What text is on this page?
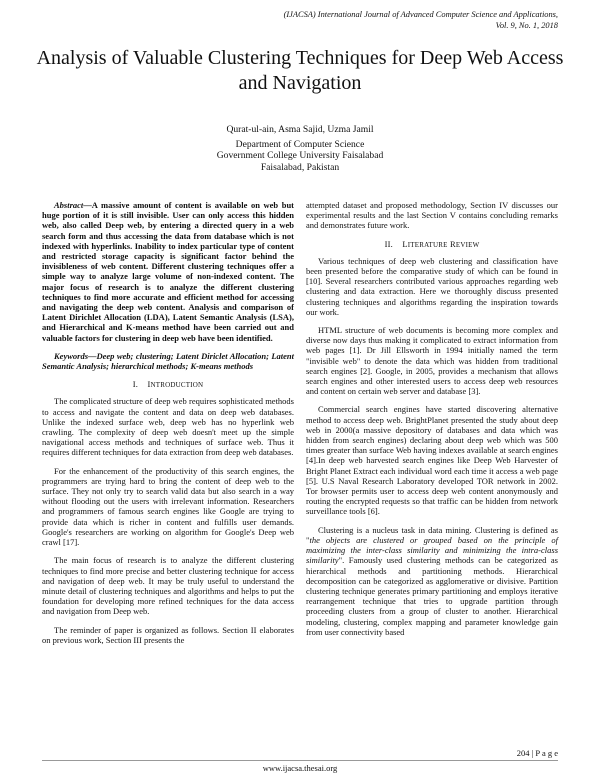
(IJACSA) International Journal of Advanced Computer Science and Applications,
Vol. 9, No. 1, 2018
Analysis of Valuable Clustering Techniques for Deep Web Access and Navigation
Qurat-ul-ain, Asma Sajid, Uzma Jamil
Department of Computer Science
Government College University Faisalabad
Faisalabad, Pakistan

Abstract—A massive amount of content is available on web but huge portion of it is still invisible. User can only access this hidden web, also called Deep web, by entering a directed query in a web search form and thus accessing the data from database which is not indexed with hyperlinks. Inability to index particular type of content and restricted storage capacity is significant factor behind the invisibleness of web content. Different clustering techniques offer a simple way to analyze large volume of non-indexed content. The major focus of research is to analyze the different clustering techniques to find more accurate and efficient method for accessing and navigating the deep web content. Analysis and comparison of Latent Dirichlet Allocation (LDA), Latent Semantic Analysis (LSA), and Hierarchical and K-means method have been carried out and valuable factors for clustering in deep web have been identified.

Keywords—Deep web; clustering; Latent Diriclet Allocation; Latent Semantic Analysis; hierarchical methods; K-means methods

I. INTRODUCTION

The complicated structure of deep web requires sophisticated methods to access and navigate the content and data on deep web databases. Unlike the indexed surface web, deep web has no hyperlink web crawling. The complexity of deep web doesn't meet up the simple navigational access methods and techniques of surface web. Thus it requires different techniques for data extraction from deep web databases.

For the enhancement of the productivity of this search engines, the programmers are trying hard to bring the content of deep web to the surface. They not only try to search valid data but also search in a way without flooding out the users with irrelevant information. Researchers and programmers of famous search engines like Google are trying to provide data which is richer in content and fulfills user demands. Google's researchers are working on algorithm for Google's Deep web crawl [17].

The main focus of research is to analyze the different clustering techniques to find more precise and better clustering technique for access and navigation of deep web. It may be truly useful to understand the minute detail of clustering techniques and algorithms and helps to put the foundation for developing more refined techniques for the data access and navigation from Deep web.

The reminder of paper is organized as follows. Section II elaborates on previous work, Section III presents the

attempted dataset and proposed methodology, Section IV discusses our experimental results and the last Section V contains concluding remarks and demonstrates future work.

II. LITERATURE REVIEW

Various techniques of deep web clustering and classification have been presented before the comparative study of which can be found in [10]. Several researchers contributed various approaches regarding web clustering and data extraction. Here we thoroughly discuss presented clustering techniques and algorithms regarding the inspiration towards our work.

HTML structure of web documents is becoming more complex and diverse now days thus making it complicated to extract information from web pages [1]. Dr Jill Ellsworth in 1994 initially named the term "invisible web" to denote the data which was hidden from traditional search engines [2]. Google, in 2005, provides a mechanism that allows search engines and other interested users to access deep web resources and content on certain web server and database [3].

Commercial search engines have started discovering alternative method to access deep web. BrightPlanet presented the study about deep web in 2000(a massive depository of databases and data which was hidden from search engines) declaring about deep web which was 500 times greater than surface Web having indexes available at search engines [4].In deep web harvested search engines like Deep Web Harvester of Bright Planet Extract each individual word each time it access a web page [5]. U.S Naval Research Laboratory developed TOR network in 2002. Tor browser permits user to access deep web content anonymously and routing the encrypted requests so that traffic can be hidden from network surveillance tools [6].

Clustering is a nucleus task in data mining. Clustering is defined as "the objects are clustered or grouped based on the principle of maximizing the inter-class similarity and minimizing the intra-class similarity". Famously used clustering methods can be categorized as hierarchical methods and partitioning methods. Hierarchical decomposition can be categorized as agglomerative or divisive. Partition clustering technique generates primary partitioning and employs iterative rearrangement technique that tries to upgrade partition through proceeding clusters from a group of cluster to another. Hierarchical modeling, clustering, complex mapping and parameter knowledge gain from user connectivity based

204 | P a g e
www.ijacsa.thesai.org
